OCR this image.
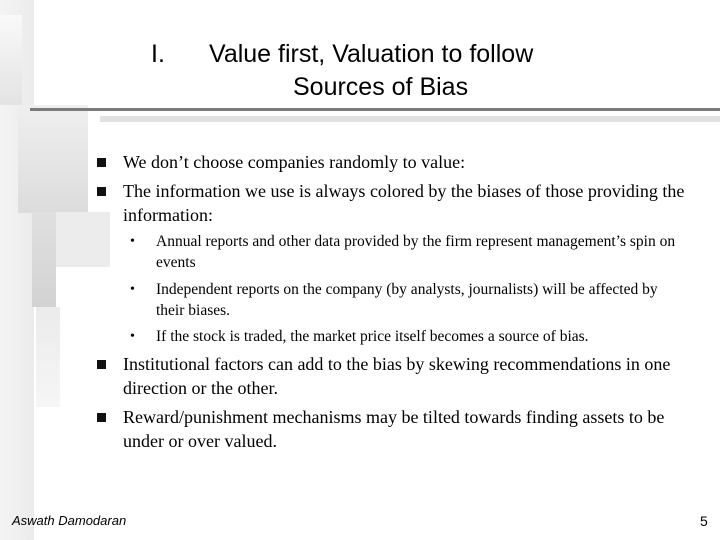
I. Value first, Valuation to follow
Sources of Bias
We don’t choose companies randomly to value:
The information we use is always colored by the biases of those providing the information:
• Annual reports and other data provided by the firm represent management’s spin on events
• Independent reports on the company (by analysts, journalists) will be affected by their biases.
• If the stock is traded, the market price itself becomes a source of bias.
Institutional factors can add to the bias by skewing recommendations in one direction or the other.
Reward/punishment mechanisms may be tilted towards finding assets to be under or over valued.
Aswath Damodaran	5
